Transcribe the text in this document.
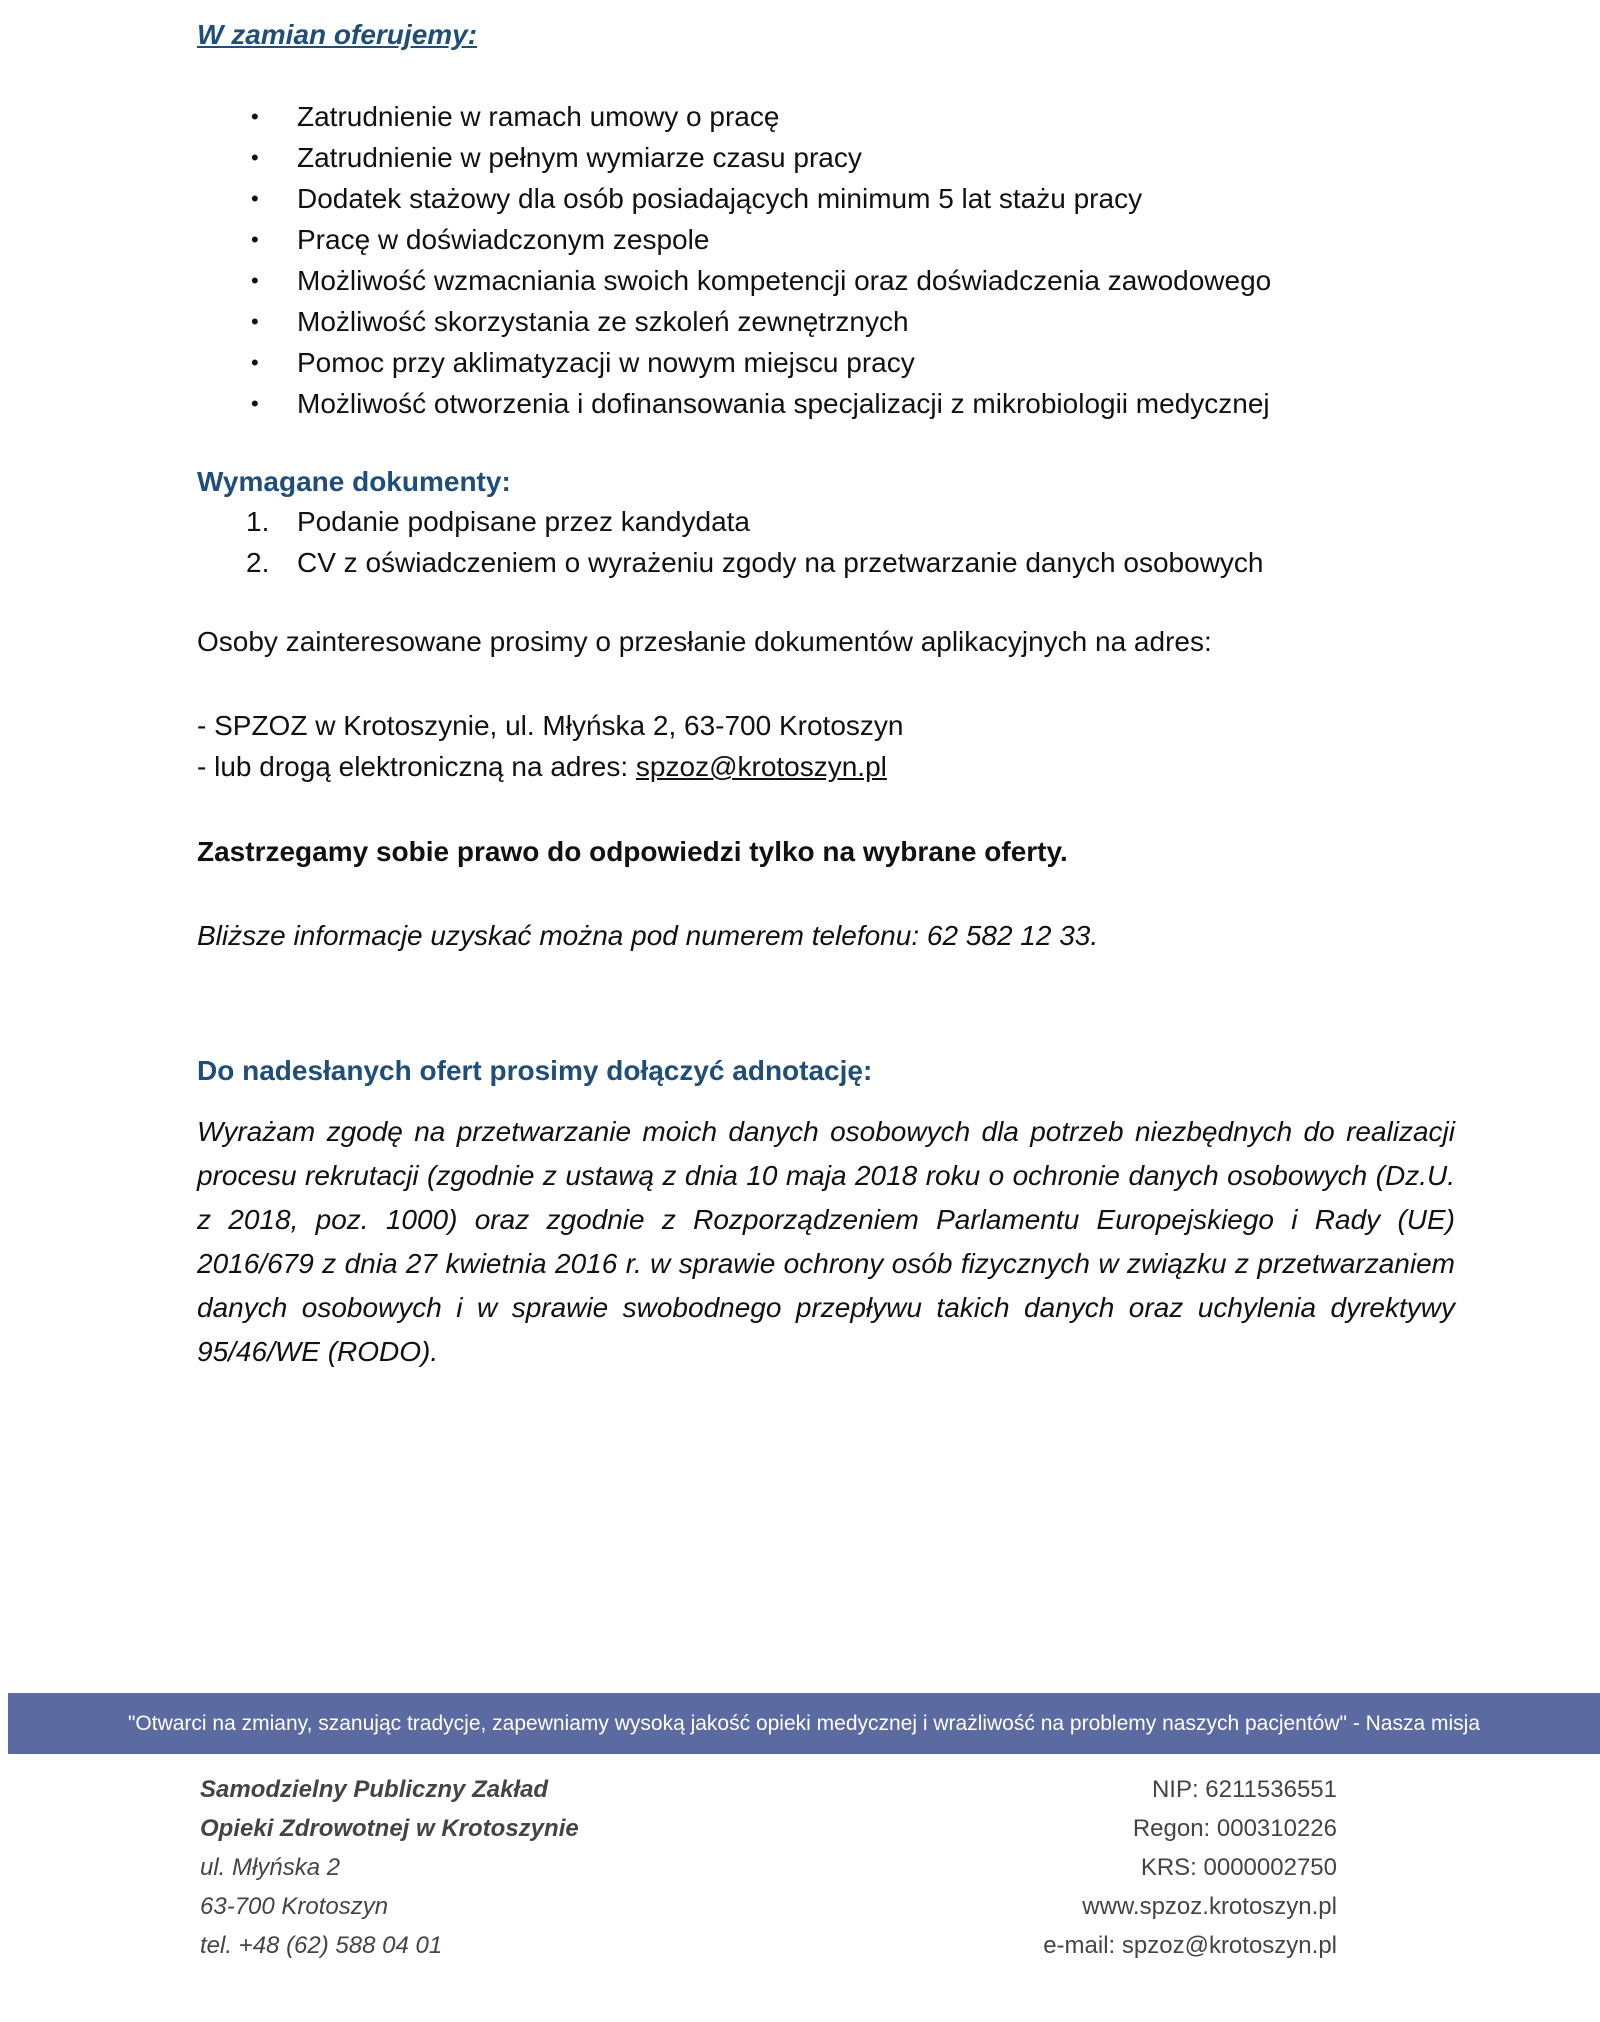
W zamian oferujemy:
• Zatrudnienie w ramach umowy o pracę
• Zatrudnienie w pełnym wymiarze czasu pracy
• Dodatek stażowy dla osób posiadających minimum 5 lat stażu pracy
• Pracę w doświadczonym zespole
• Możliwość wzmacniania swoich kompetencji oraz doświadczenia zawodowego
• Możliwość skorzystania ze szkoleń zewnętrznych
• Pomoc przy aklimatyzacji w nowym miejscu pracy
• Możliwość otworzenia i dofinansowania specjalizacji z mikrobiologii medycznej
Wymagane dokumenty:
1. Podanie podpisane przez kandydata
2. CV z oświadczeniem o wyrażeniu zgody na przetwarzanie danych osobowych

Osoby zainteresowane prosimy o przesłanie dokumentów aplikacyjnych na adres:

- SPZOZ w Krotoszynie, ul. Młyńska 2, 63-700 Krotoszyn

- lub drogą elektroniczną na adres: spzoz@krotoszyn.pl

Zastrzegamy sobie prawo do odpowiedzi tylko na wybrane oferty.

Bliższe informacje uzyskać można pod numerem telefonu: 62 582 12 33.

Do nadesłanych ofert prosimy dołączyć adnotację:

Wyrażam zgodę na przetwarzanie moich danych osobowych dla potrzeb niezbędnych do realizacji procesu rekrutacji (zgodnie z ustawą z dnia 10 maja 2018 roku o ochronie danych osobowych (Dz.U. z 2018, poz. 1000) oraz zgodnie z Rozporządzeniem Parlamentu Europejskiego i Rady (UE) 2016/679 z dnia 27 kwietnia 2016 r. w sprawie ochrony osób fizycznych w związku z przetwarzaniem danych osobowych i w sprawie swobodnego przepływu takich danych oraz uchylenia dyrektywy 95/46/WE (RODO).

"Otwarci na zmiany, szanując tradycje, zapewniamy wysoką jakość opieki medycznej i wrażliwość na problemy naszych pacjentów" - Nasza misja
Samodzielny Publiczny Zakład
Opieki Zdrowotnej w Krotoszynie
ul. Młyńska 2
63-700 Krotoszyn
tel. +48 (62) 588 04 01
NIP: 6211536551
Regon: 000310226
KRS: 0000002750
www.spzoz.krotoszyn.pl
e-mail: spzoz@krotoszyn.pl
